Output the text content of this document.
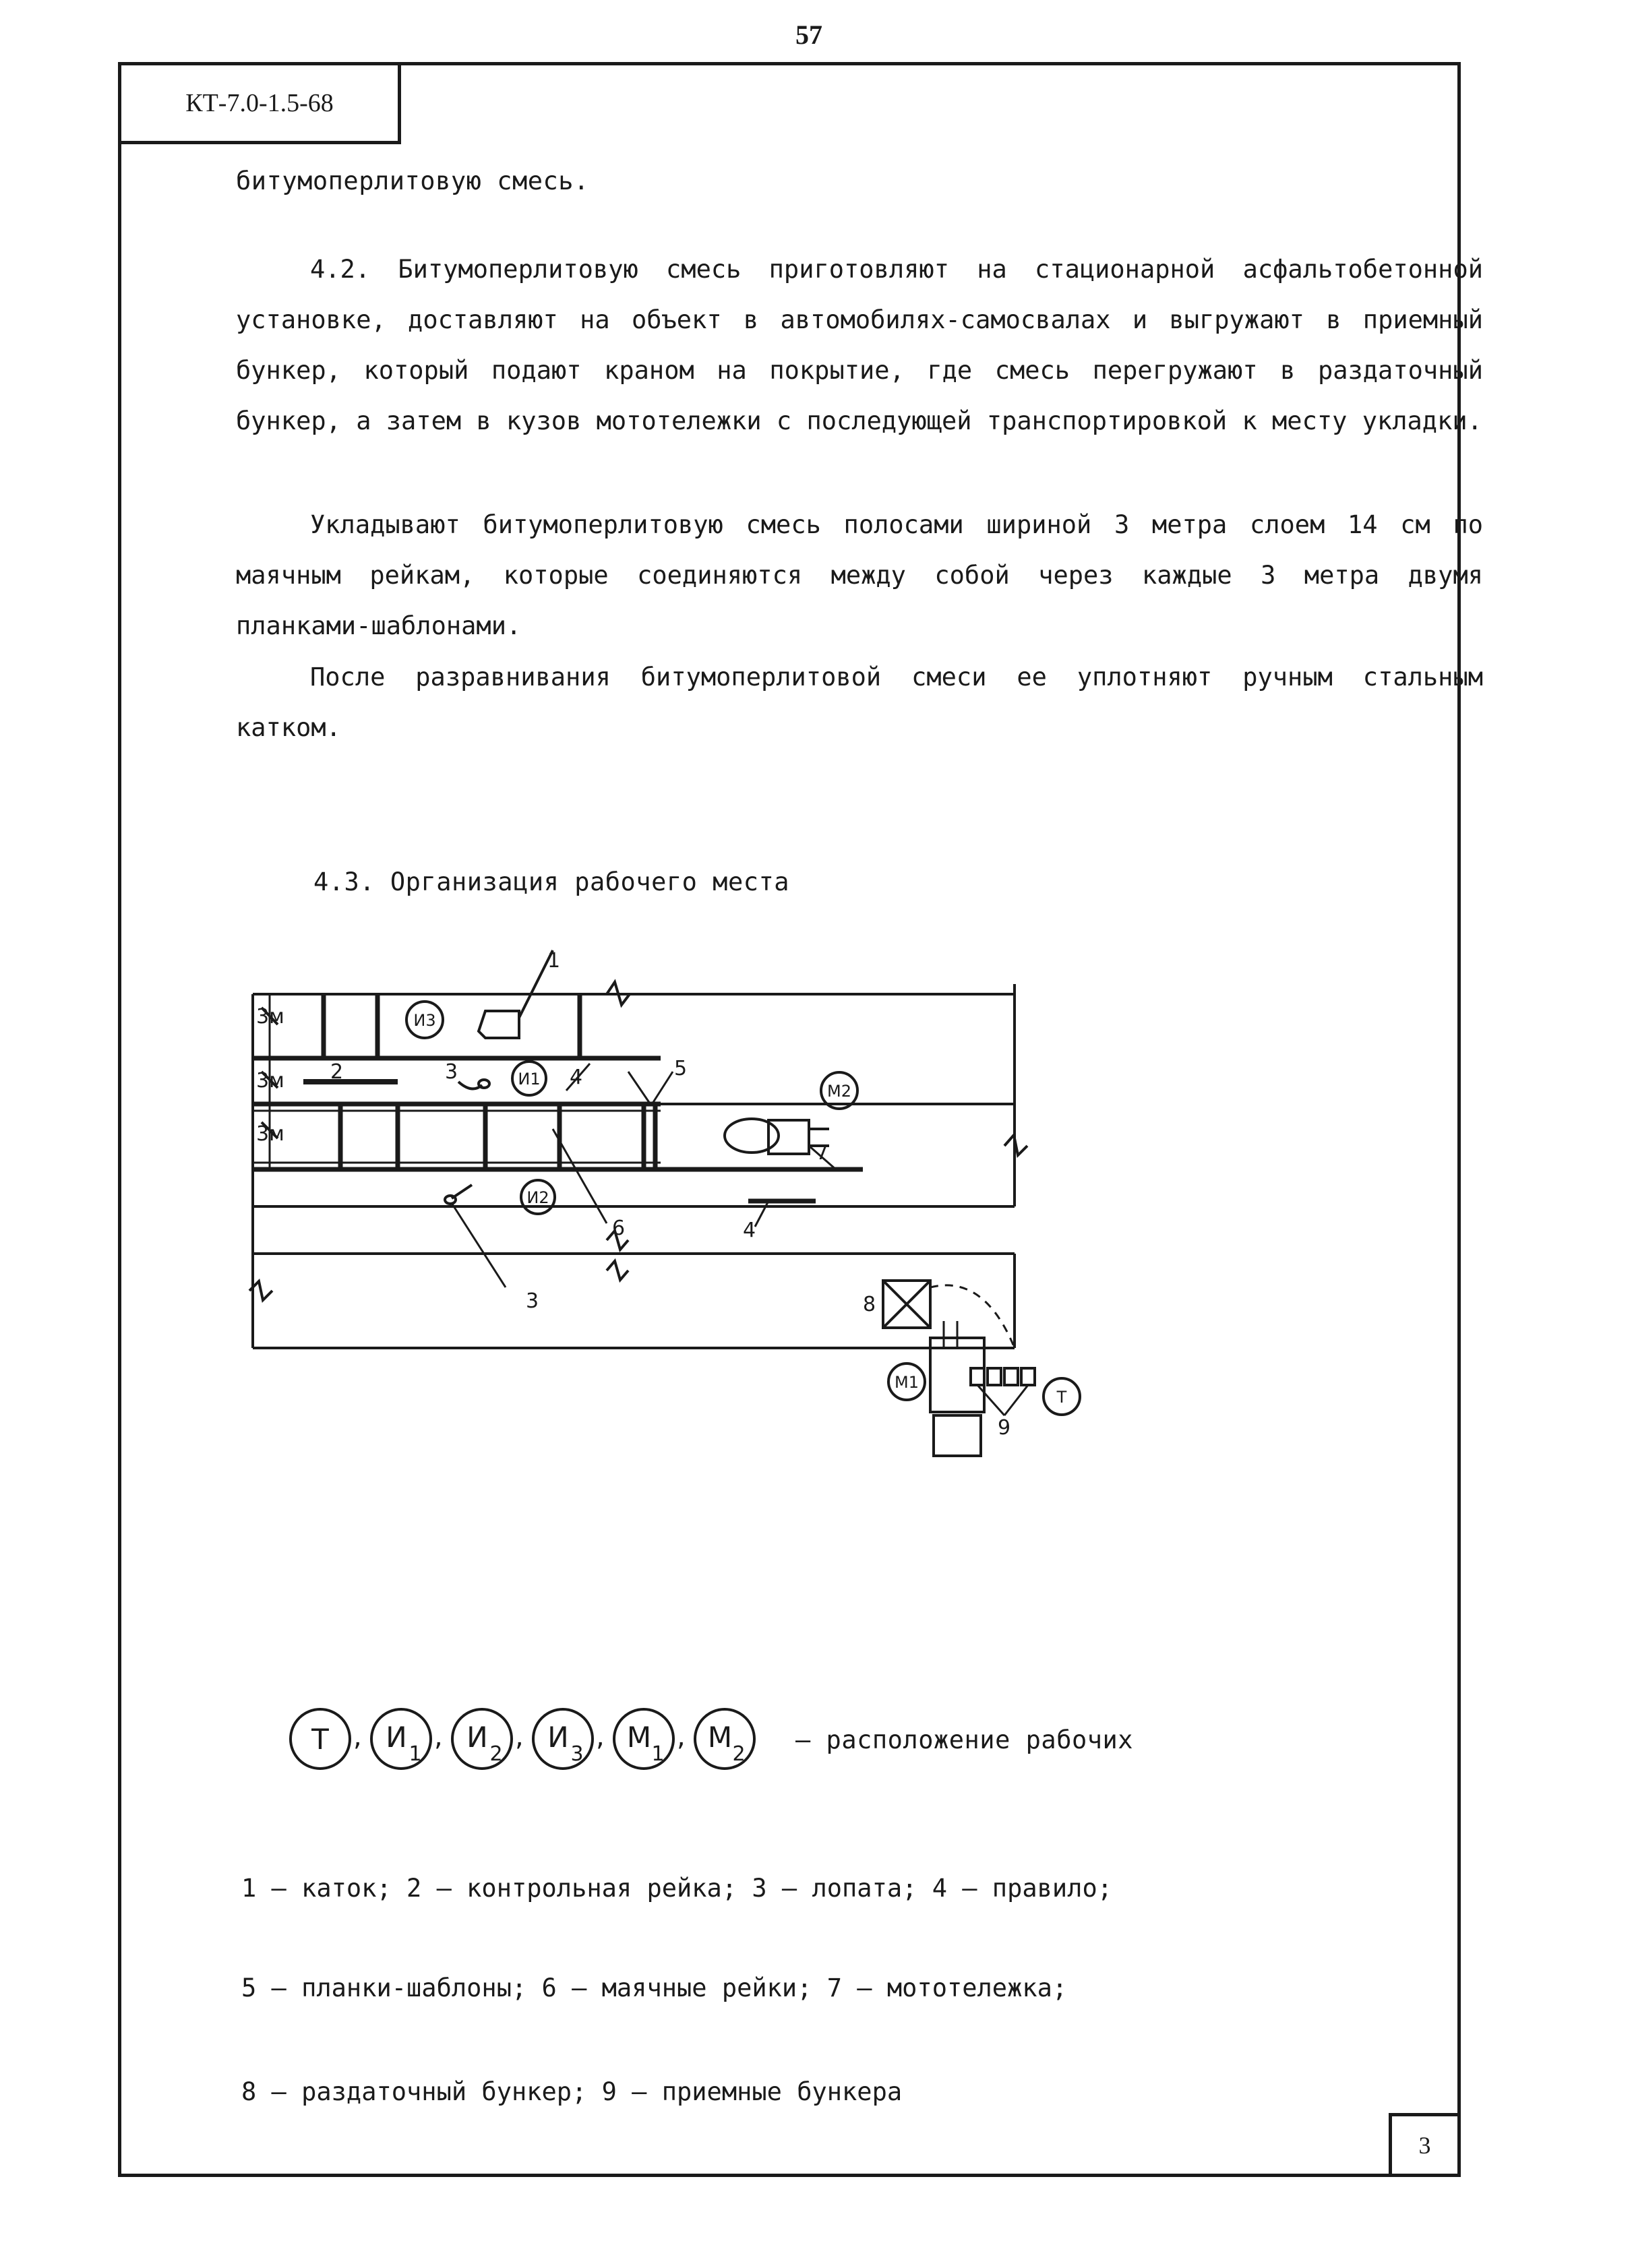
57
КТ-7.0-1.5-68
битумоперлитовую смесь.
4.2. Битумоперлитовую смесь приготовляют на стационарной асфальтобетонной установке, доставляют на объект в автомобилях-самосвалах и выгружают в приемный бункер, который подают краном на покрытие, где смесь перегружают в раздаточный бункер, а затем в кузов мототележки с последующей транспортировкой к месту укладки.
Укладывают битумоперлитовую смесь полосами шириной 3 метра слоем 14 см по маячным рейкам, которые соединяются между собой через каждые 3 метра двумя планками-шаблонами.
После разравнивания битумоперлитовой смеси ее уплотняют ручным стальным катком.
4.3. Организация рабочего места
3м
3м
3м
1
2	3
3
4
4
5
6
7
8
9
И3
И1
И2
М2
М1
Т
Т И
1
И
2
И
3
М
1
М
2
,	,	,	,	,	– расположение рабочих
1 – каток; 2 – контрольная рейка; 3 – лопата; 4 – правило;
5 – планки-шаблоны; 6 – маячные рейки; 7 – мототележка;
8 – раздаточный бункер; 9 – приемные бункера
3
